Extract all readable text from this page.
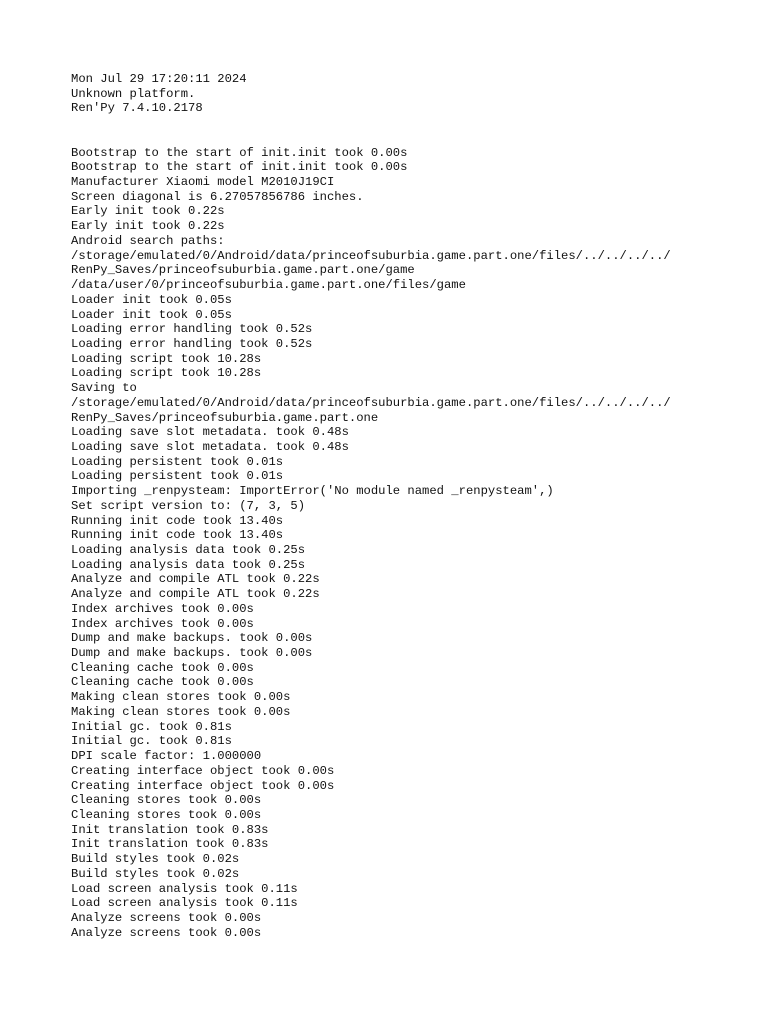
Mon Jul 29 17:20:11 2024
Unknown platform.
Ren'Py 7.4.10.2178
Bootstrap to the start of init.init took 0.00s
Bootstrap to the start of init.init took 0.00s
Manufacturer Xiaomi model M2010J19CI
Screen diagonal is 6.27057856786 inches.
Early init took 0.22s
Early init took 0.22s
Android search paths:
/storage/emulated/0/Android/data/princeofsuburbia.game.part.one/files/../../../../
RenPy_Saves/princeofsuburbia.game.part.one/game
/data/user/0/princeofsuburbia.game.part.one/files/game
Loader init took 0.05s
Loader init took 0.05s
Loading error handling took 0.52s
Loading error handling took 0.52s
Loading script took 10.28s
Loading script took 10.28s
Saving to
/storage/emulated/0/Android/data/princeofsuburbia.game.part.one/files/../../../../
RenPy_Saves/princeofsuburbia.game.part.one
Loading save slot metadata. took 0.48s
Loading save slot metadata. took 0.48s
Loading persistent took 0.01s
Loading persistent took 0.01s
Importing _renpysteam: ImportError('No module named _renpysteam',)
Set script version to: (7, 3, 5)
Running init code took 13.40s
Running init code took 13.40s
Loading analysis data took 0.25s
Loading analysis data took 0.25s
Analyze and compile ATL took 0.22s
Analyze and compile ATL took 0.22s
Index archives took 0.00s
Index archives took 0.00s
Dump and make backups. took 0.00s
Dump and make backups. took 0.00s
Cleaning cache took 0.00s
Cleaning cache took 0.00s
Making clean stores took 0.00s
Making clean stores took 0.00s
Initial gc. took 0.81s
Initial gc. took 0.81s
DPI scale factor: 1.000000
Creating interface object took 0.00s
Creating interface object took 0.00s
Cleaning stores took 0.00s
Cleaning stores took 0.00s
Init translation took 0.83s
Init translation took 0.83s
Build styles took 0.02s
Build styles took 0.02s
Load screen analysis took 0.11s
Load screen analysis took 0.11s
Analyze screens took 0.00s
Analyze screens took 0.00s
